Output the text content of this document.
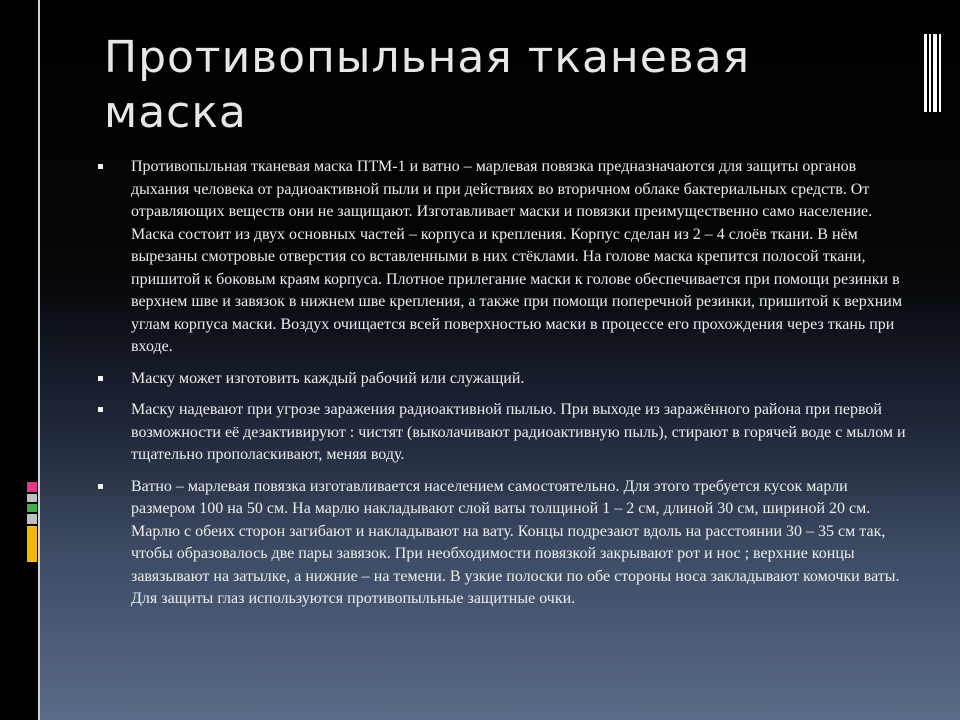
Противопыльная тканевая маска
Противопыльная тканевая маска ПТМ-1 и ватно – марлевая повязка предназначаются для защиты органов дыхания человека от радиоактивной пыли и при действиях во вторичном облаке бактериальных средств. От отравляющих веществ они не защищают. Изготавливает маски и повязки преимущественно само население. Маска состоит из двух основных частей – корпуса и крепления. Корпус сделан из 2 – 4 слоёв ткани. В нём вырезаны смотровые отверстия со вставленными в них стёклами. На голове маска крепится полосой ткани, пришитой к боковым краям корпуса. Плотное прилегание маски к голове обеспечивается при помощи резинки в верхнем шве и завязок в нижнем шве крепления, а также при помощи поперечной резинки, пришитой к верхним углам корпуса маски. Воздух очищается всей поверхностью маски в процессе его прохождения через ткань при входе.
Маску может изготовить каждый рабочий или служащий.
Маску надевают при угрозе заражения радиоактивной пылью. При выходе из заражённого района при первой возможности её дезактивируют : чистят (выколачивают радиоактивную пыль), стирают в горячей воде с мылом и тщательно прополаскивают, меняя воду.
Ватно – марлевая повязка изготавливается населением самостоятельно. Для этого требуется кусок марли размером 100 на 50 см. На марлю накладывают слой ваты толщиной 1 – 2 см, длиной 30 см, шириной 20 см. Марлю с обеих сторон загибают и накладывают на вату. Концы подрезают вдоль на расстоянии 30 – 35 см так, чтобы образовалось две пары завязок. При необходимости повязкой закрывают рот и нос ; верхние концы завязывают на затылке, а нижние – на темени. В узкие полоски по обе стороны носа закладывают комочки ваты. Для защиты глаз используются противопыльные защитные очки.
